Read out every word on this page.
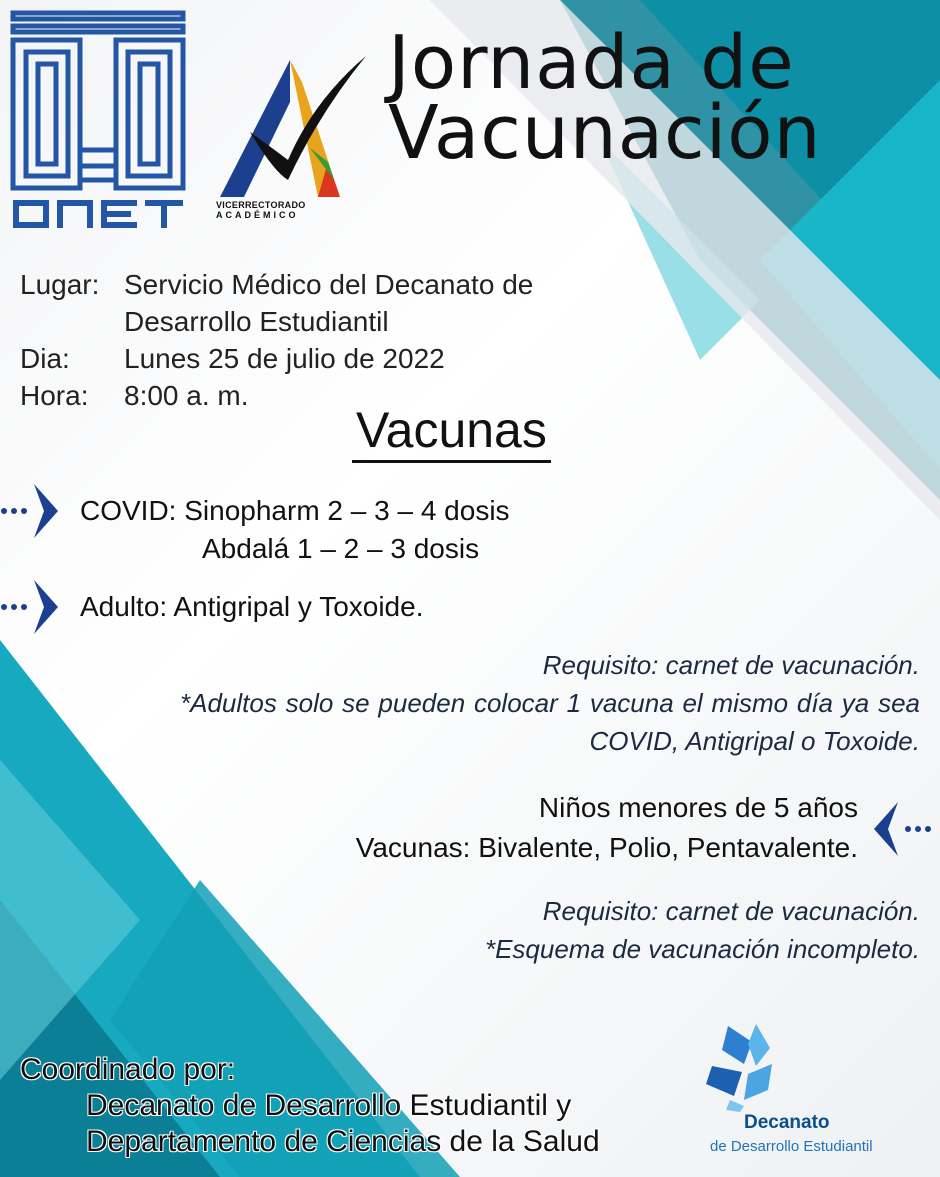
VICERRECTORADO
ACADÉMICO
Jornada de
Vacunación
Lugar: Servicio Médico del Decanato de
Desarrollo Estudiantil
Dia:	Lunes 25 de julio de 2022
Hora:	8:00 a. m.
Vacunas
COVID: Sinopharm 2 – 3 – 4 dosis
Abdalá 1 – 2 – 3 dosis
Adulto: Antigripal y Toxoide.
Requisito: carnet de vacunación.
*Adultos solo se pueden colocar 1 vacuna el mismo día ya sea COVID, Antigripal o Toxoide.
Niños menores de 5 años
Vacunas: Bivalente, Polio, Pentavalente.
Requisito: carnet de vacunación.
*Esquema de vacunación incompleto.
Coordinado por:
Decanato de Desarrollo Estudiantil y
Departamento de Ciencias de la Salud
Decanato
de Desarrollo Estudiantil
